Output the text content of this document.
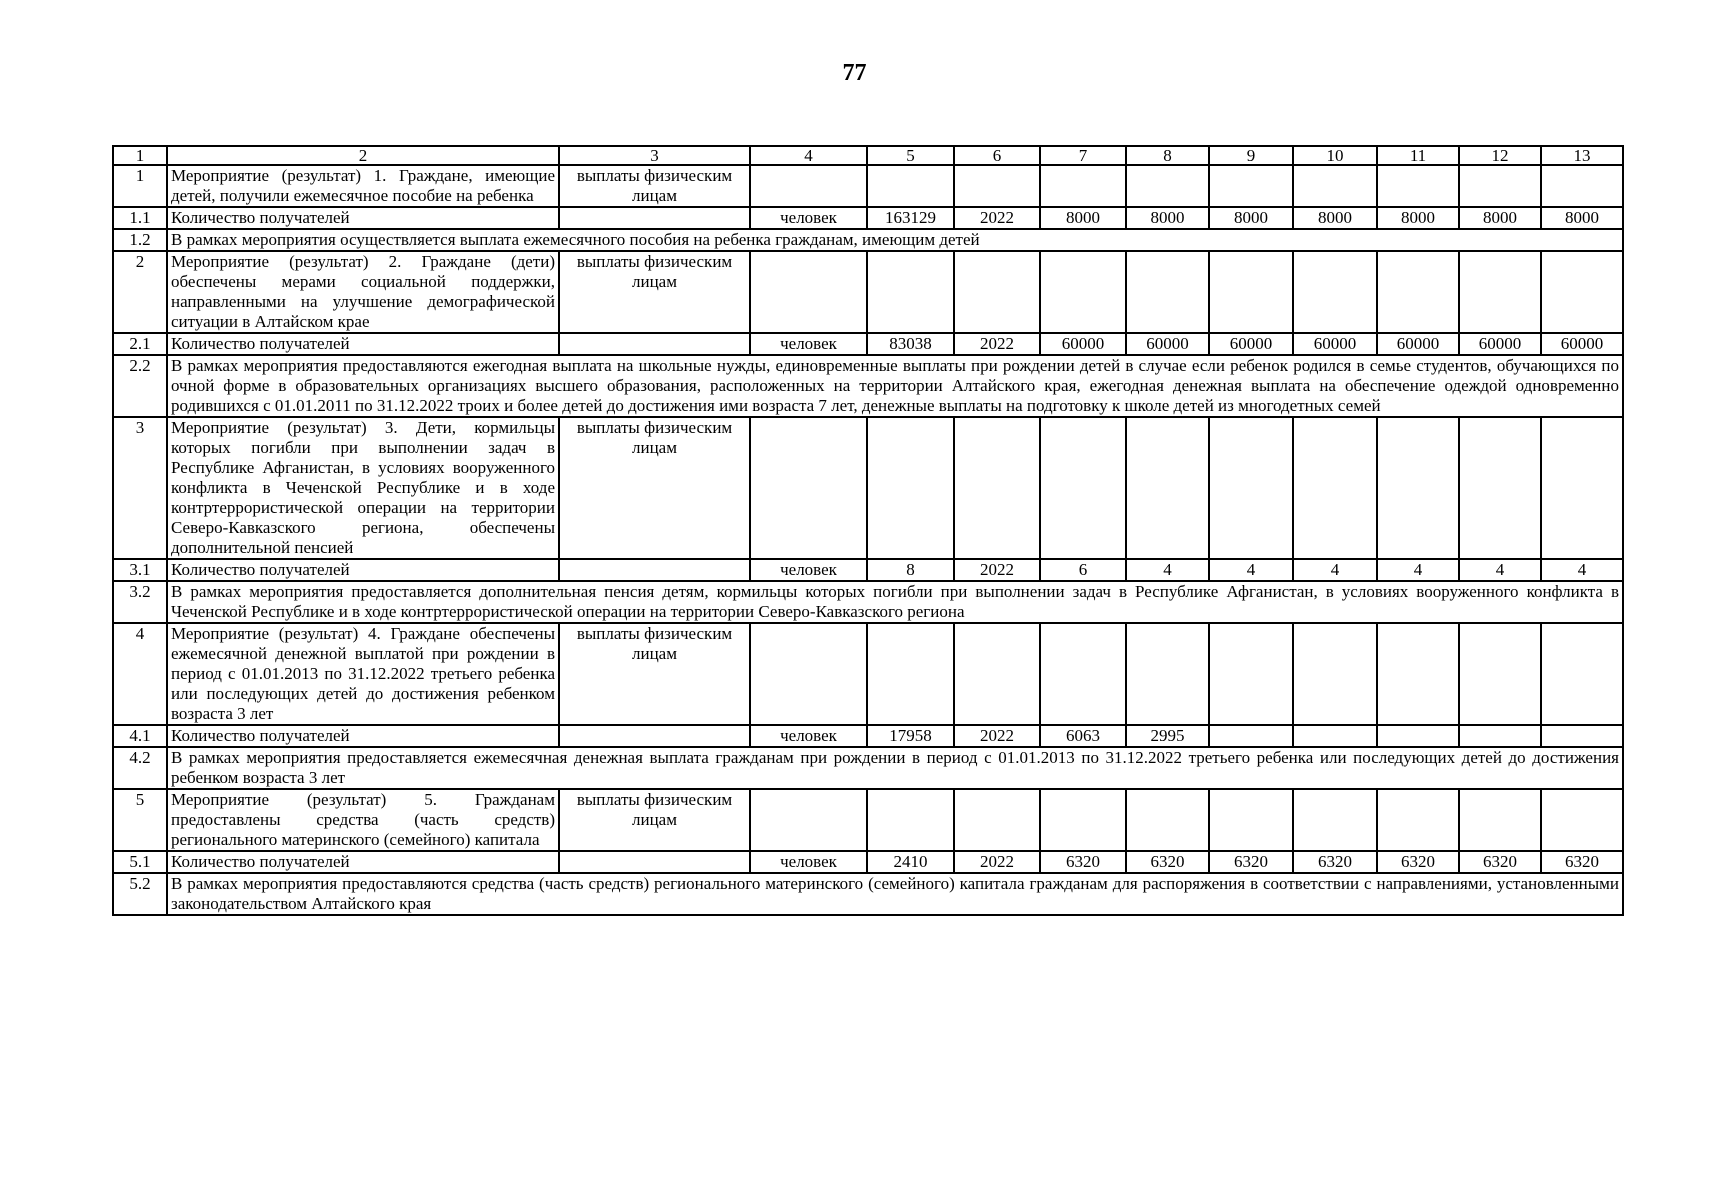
77
1	2	3	4	5	6	7	8	9	10	11	12	13
1	Мероприятие (результат) 1. Граждане, имеющие детей, получили ежемесячное пособие на ребенка	выплаты физическим лицам										
1.1	Количество получателей		человек	163129	2022	8000	8000	8000	8000	8000	8000	8000
1.2	В рамках мероприятия осуществляется выплата ежемесячного пособия на ребенка гражданам, имеющим детей											
2	Мероприятие (результат) 2. Граждане (дети) обеспечены мерами социальной поддержки, направленными на улучшение демографической ситуации в Алтайском крае	выплаты физическим лицам										
2.1	Количество получателей		человек	83038	2022	60000	60000	60000	60000	60000	60000	60000
2.2	В рамках мероприятия предоставляются ежегодная выплата на школьные нужды, единовременные выплаты при рождении детей в случае если ребенок родился в семье студентов, обучающихся по очной форме в образовательных организациях высшего образования, расположенных на территории Алтайского края, ежегодная денежная выплата на обеспечение одеждой одновременно родившихся с 01.01.2011 по 31.12.2022 троих и более детей до достижения ими возраста 7 лет, денежные выплаты на подготовку к школе детей из многодетных семей											
3	Мероприятие (результат) 3. Дети, кормильцы которых погибли при выполнении задач в Республике Афганистан, в условиях вооруженного конфликта в Чеченской Республике и в ходе контртеррористической операции на территории Северо-Кавказского региона, обеспечены дополнительной пенсией	выплаты физическим лицам										
3.1	Количество получателей		человек	8	2022	6	4	4	4	4	4	4
3.2	В рамках мероприятия предоставляется дополнительная пенсия детям, кормильцы которых погибли при выполнении задач в Республике Афганистан, в условиях вооруженного конфликта в Чеченской Республике и в ходе контртеррористической операции на территории Северо-Кавказского региона											
4	Мероприятие (результат) 4. Граждане обеспечены ежемесячной денежной выплатой при рождении в период с 01.01.2013 по 31.12.2022 третьего ребенка или последующих детей до достижения ребенком возраста 3 лет	выплаты физическим лицам										
4.1	Количество получателей		человек	17958	2022	6063	2995					
4.2	В рамках мероприятия предоставляется ежемесячная денежная выплата гражданам при рождении в период с 01.01.2013 по 31.12.2022 третьего ребенка или последующих детей до достижения ребенком возраста 3 лет											
5	Мероприятие (результат) 5. Гражданам предоставлены средства (часть средств) регионального материнского (семейного) капитала	выплаты физическим лицам										
5.1	Количество получателей		человек	2410	2022	6320	6320	6320	6320	6320	6320	6320
5.2	В рамках мероприятия предоставляются средства (часть средств) регионального материнского (семейного) капитала гражданам для распоряжения в соответствии с направлениями, установленными законодательством Алтайского края											
